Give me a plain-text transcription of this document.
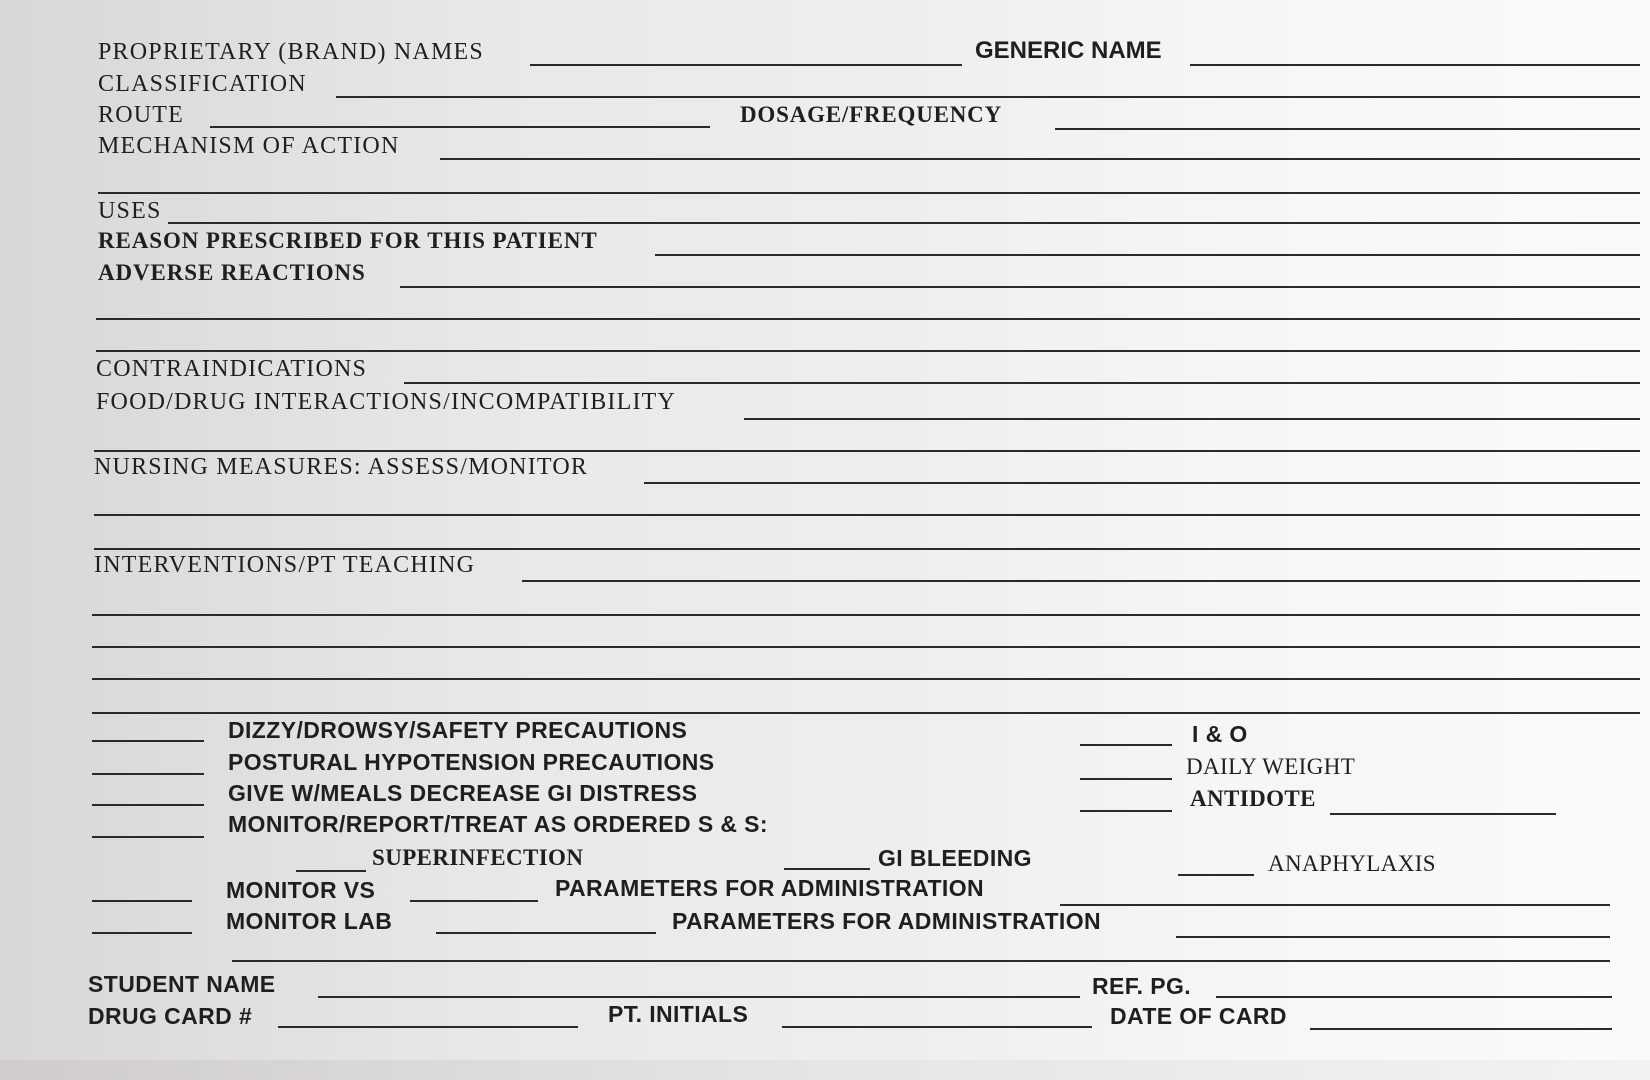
PROPRIETARY (BRAND) NAMES	GENERIC NAME
CLASSIFICATION
ROUTE	DOSAGE/FREQUENCY
MECHANISM OF ACTION
USES
REASON PRESCRIBED FOR THIS PATIENT
ADVERSE REACTIONS
CONTRAINDICATIONS
FOOD/DRUG INTERACTIONS/INCOMPATIBILITY
NURSING MEASURES: ASSESS/MONITOR
INTERVENTIONS/PT TEACHING
DIZZY/DROWSY/SAFETY PRECAUTIONS
POSTURAL HYPOTENSION PRECAUTIONS
GIVE W/MEALS DECREASE GI DISTRESS
MONITOR/REPORT/TREAT AS ORDERED S & S:
I & O
DAILY WEIGHT
ANTIDOTE
SUPERINFECTION	GI BLEEDING	ANAPHYLAXIS
MONITOR VS	PARAMETERS FOR ADMINISTRATION
MONITOR LAB	PARAMETERS FOR ADMINISTRATION
STUDENT NAME	REF. PG.
DRUG CARD #	PT. INITIALS	DATE OF CARD
